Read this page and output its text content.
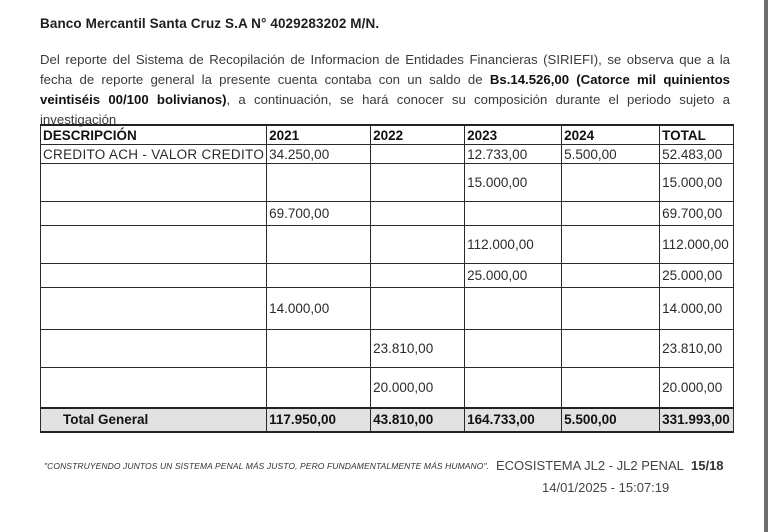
Banco Mercantil Santa Cruz S.A N° 4029283202 M/N.
Del reporte del Sistema de Recopilación de Informacion de Entidades Financieras (SIRIEFI), se observa que a la fecha de reporte general la presente cuenta contaba con un saldo de Bs.14.526,00 (Catorce mil quinientos veintiséis 00/100 bolivianos), a continuación, se hará conocer su composición durante el periodo sujeto a investigación
DESCRIPCIÓN	2021	2022	2023	2024	TOTAL
CREDITO ACH - VALOR CREDITO	34.250,00		12.733,00	5.500,00	52.483,00
			15.000,00		15.000,00
	69.700,00				69.700,00
			112.000,00		112.000,00
			25.000,00		25.000,00
	14.000,00				14.000,00
		23.810,00			23.810,00
		20.000,00			20.000,00
Total General	117.950,00	43.810,00	164.733,00	5.500,00	331.993,00
"CONSTRUYENDO JUNTOS UN SISTEMA PENAL MÁS JUSTO, PERO FUNDAMENTALMENTE MÁS HUMANO". ECOSISTEMA JL2 - JL2 PENAL 15/18
14/01/2025 - 15:07:19
